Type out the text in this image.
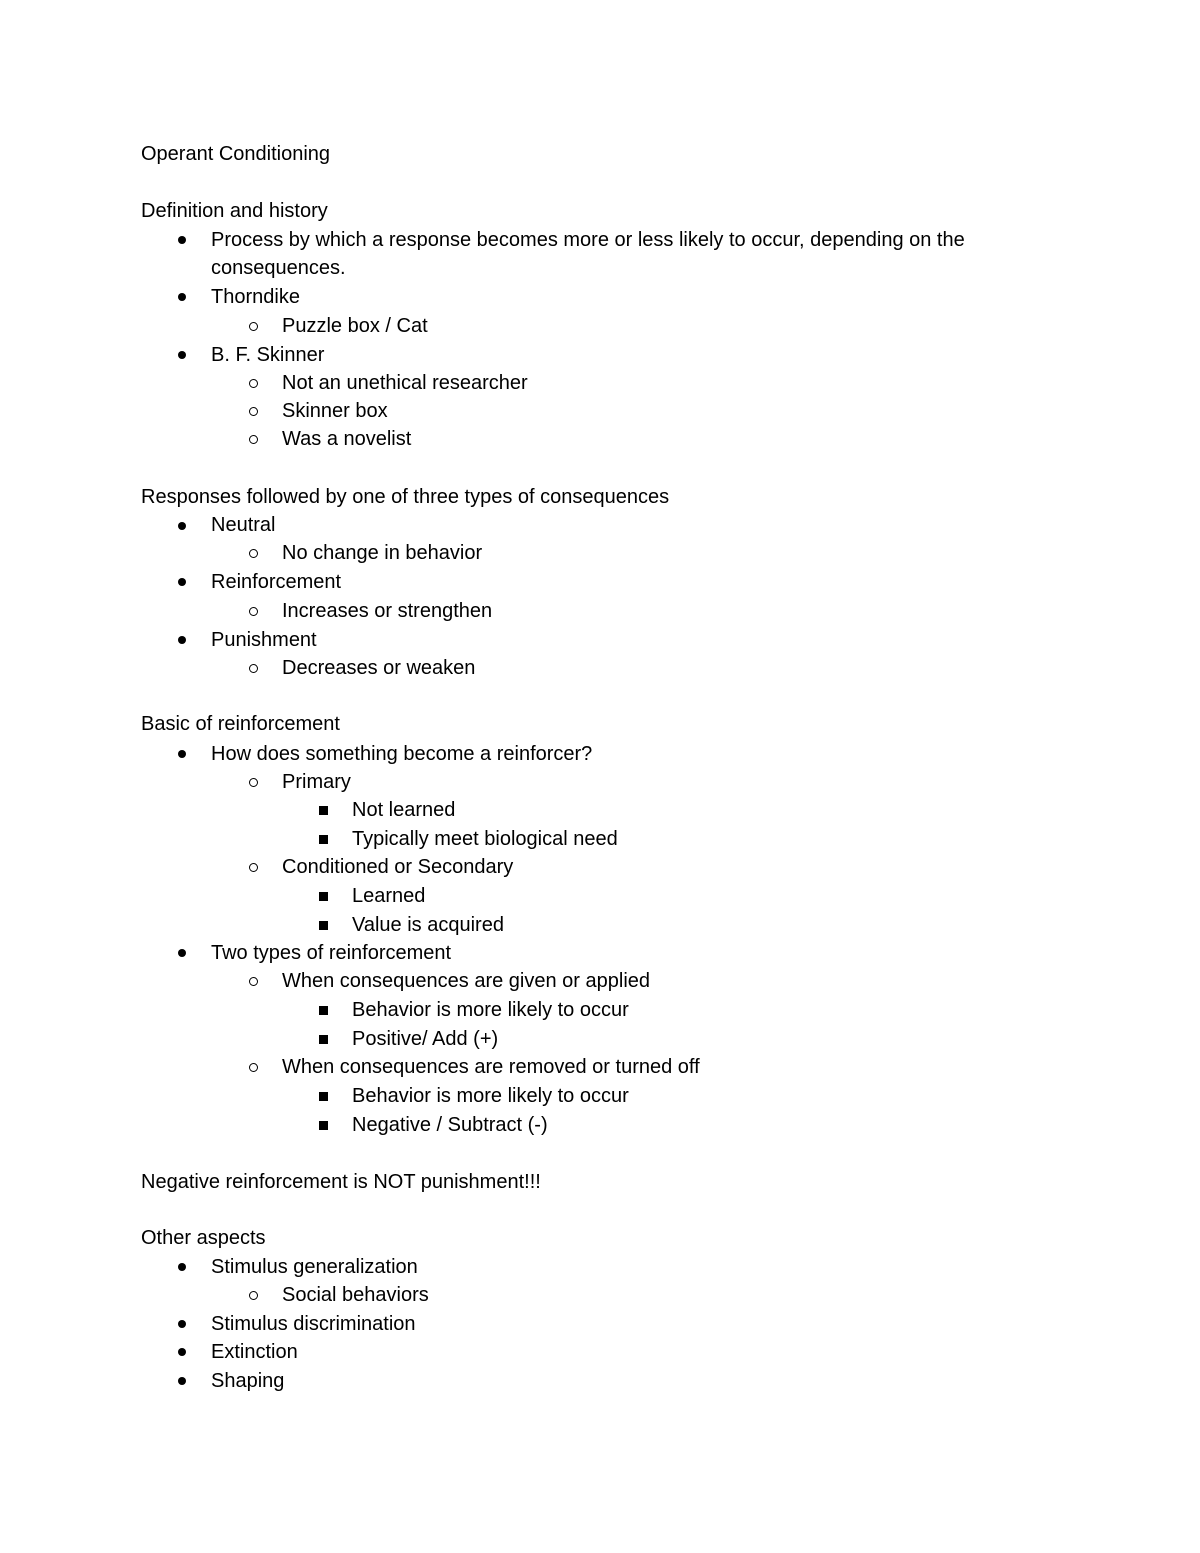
Operant Conditioning
Definition and history
Process by which a response becomes more or less likely to occur, depending on the
consequences.
Thorndike
Puzzle box / Cat
B. F. Skinner
Not an unethical researcher
Skinner box
Was a novelist
Responses followed by one of three types of consequences
Neutral
No change in behavior
Reinforcement
Increases or strengthen
Punishment
Decreases or weaken
Basic of reinforcement
How does something become a reinforcer?
Primary
Not learned
Typically meet biological need
Conditioned or Secondary
Learned
Value is acquired
Two types of reinforcement
When consequences are given or applied
Behavior is more likely to occur
Positive/ Add (+)
When consequences are removed or turned off
Behavior is more likely to occur
Negative / Subtract (-)
Negative reinforcement is NOT punishment!!!
Other aspects
Stimulus generalization
Social behaviors
Stimulus discrimination
Extinction
Shaping
